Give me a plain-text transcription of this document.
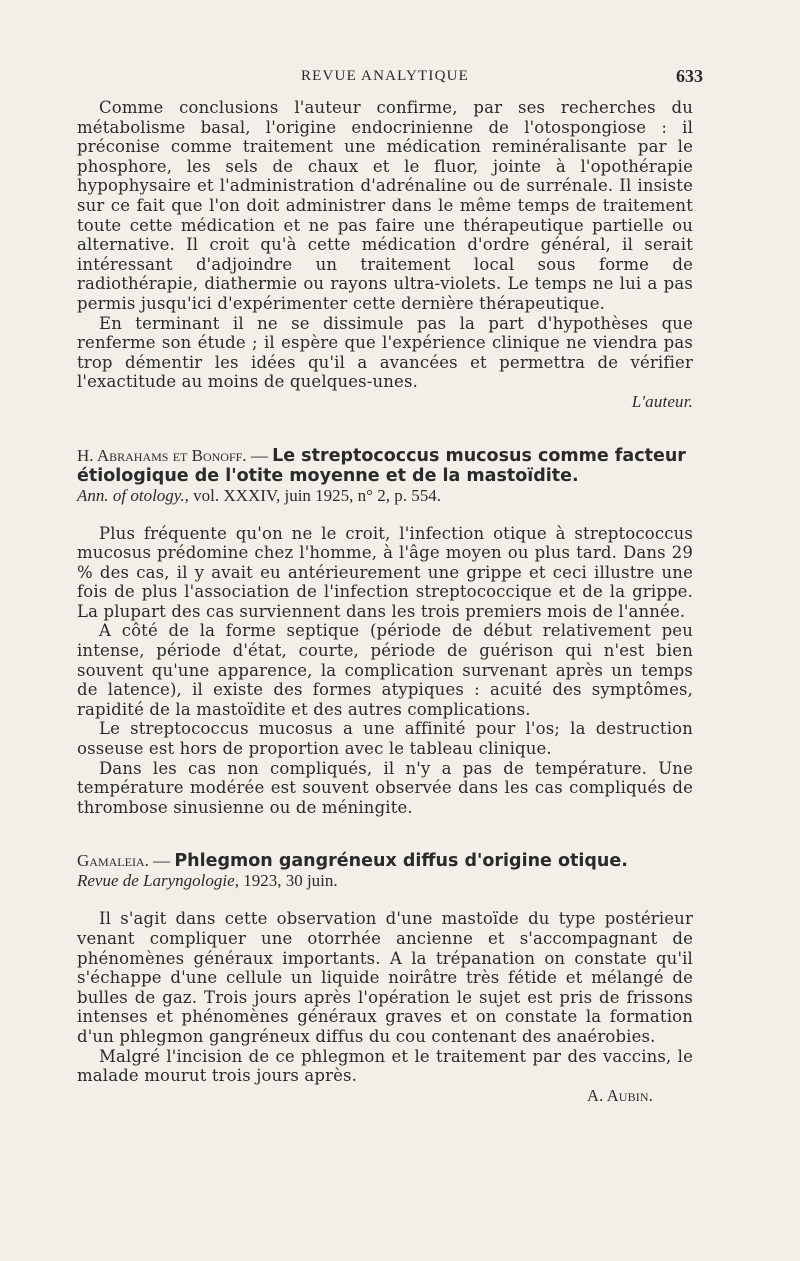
REVUE ANALYTIQUE	633

Comme conclusions l'auteur confirme, par ses recherches du métabolisme basal, l'origine endocrinienne de l'otospongiose : il préconise comme traitement une médication reminéralisante par le phosphore, les sels de chaux et le fluor, jointe à l'opothérapie hypophysaire et l'administration d'adrénaline ou de surrénale. Il insiste sur ce fait que l'on doit administrer dans le même temps de traitement toute cette médication et ne pas faire une thérapeutique partielle ou alternative. Il croit qu'à cette médication d'ordre général, il serait intéressant d'adjoindre un traitement local sous forme de radiothérapie, diathermie ou rayons ultra-violets. Le temps ne lui a pas permis jusqu'ici d'expérimenter cette dernière thérapeutique.

En terminant il ne se dissimule pas la part d'hypothèses que renferme son étude ; il espère que l'expérience clinique ne viendra pas trop démentir les idées qu'il a avancées et permettra de vérifier l'exactitude au moins de quelques-unes.

L'auteur.

H. Abrahams et Bonoff. — Le streptococcus mucosus comme facteur étiologique de l'otite moyenne et de la mastoïdite.
Ann. of otology., vol. XXXIV, juin 1925, n° 2, p. 554.

Plus fréquente qu'on ne le croit, l'infection otique à streptococcus mucosus prédomine chez l'homme, à l'âge moyen ou plus tard. Dans 29 % des cas, il y avait eu antérieurement une grippe et ceci illustre une fois de plus l'association de l'infection streptococcique et de la grippe. La plupart des cas surviennent dans les trois premiers mois de l'année.

A côté de la forme septique (période de début relativement peu intense, période d'état, courte, période de guérison qui n'est bien souvent qu'une apparence, la complication survenant après un temps de latence), il existe des formes atypiques : acuité des symptômes, rapidité de la mastoïdite et des autres complications.

Le streptococcus mucosus a une affinité pour l'os; la destruction osseuse est hors de proportion avec le tableau clinique.

Dans les cas non compliqués, il n'y a pas de température. Une température modérée est souvent observée dans les cas compliqués de thrombose sinusienne ou de méningite.

Gamaleia. — Phlegmon gangréneux diffus d'origine otique.
Revue de Laryngologie, 1923, 30 juin.

Il s'agit dans cette observation d'une mastoïde du type postérieur venant compliquer une otorrhée ancienne et s'accompagnant de phénomènes généraux importants. A la trépanation on constate qu'il s'échappe d'une cellule un liquide noirâtre très fétide et mélangé de bulles de gaz. Trois jours après l'opération le sujet est pris de frissons intenses et phénomènes généraux graves et on constate la formation d'un phlegmon gangréneux diffus du cou contenant des anaérobies.

Malgré l'incision de ce phlegmon et le traitement par des vaccins, le malade mourut trois jours après.

A. Aubin.
